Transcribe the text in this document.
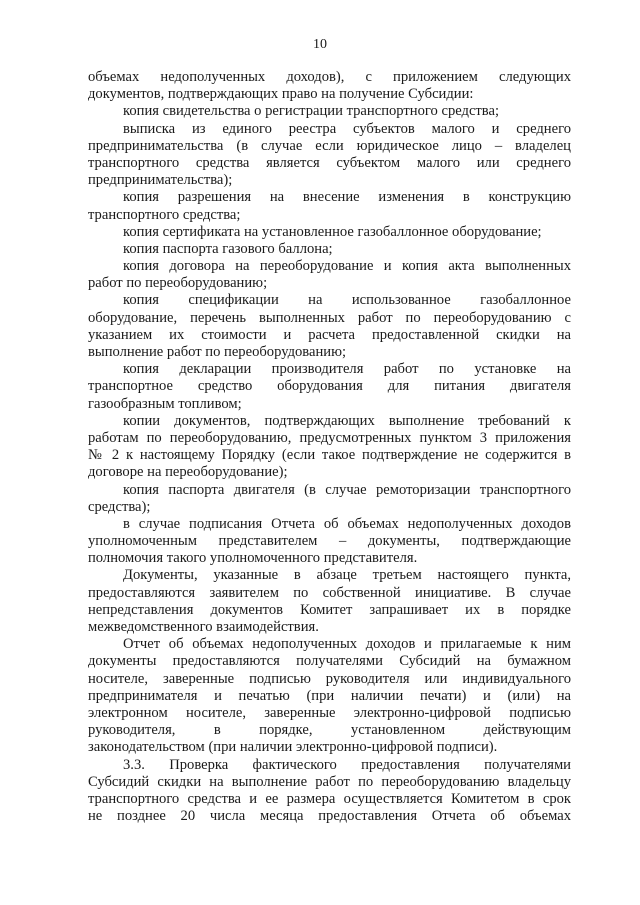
10
объемах недополученных доходов), с приложением следующих
документов, подтверждающих право на получение Субсидии:
копия свидетельства о регистрации транспортного средства;
выписка из единого реестра субъектов малого и среднего
предпринимательства (в случае если юридическое лицо – владелец
транспортного средства является субъектом малого или среднего
предпринимательства);
копия разрешения на внесение изменения в конструкцию
транспортного средства;
копия сертификата на установленное газобаллонное оборудование;
копия паспорта газового баллона;
копия договора на переоборудование и копия акта выполненных
работ по переоборудованию;
копия спецификации на использованное газобаллонное
оборудование, перечень выполненных работ по переоборудованию с
указанием их стоимости и расчета предоставленной скидки на
выполнение работ по переоборудованию;
копия декларации производителя работ по установке на
транспортное средство оборудования для питания двигателя
газообразным топливом;
копии документов, подтверждающих выполнение требований к
работам по переоборудованию, предусмотренных пунктом 3 приложения
№ 2 к настоящему Порядку (если такое подтверждение не содержится в
договоре на переоборудование);
копия паспорта двигателя (в случае ремоторизации транспортного
средства);
в случае подписания Отчета об объемах недополученных доходов
уполномоченным представителем – документы, подтверждающие
полномочия такого уполномоченного представителя.
Документы, указанные в абзаце третьем настоящего пункта,
предоставляются заявителем по собственной инициативе. В случае
непредставления документов Комитет запрашивает их в порядке
межведомственного взаимодействия.
Отчет об объемах недополученных доходов и прилагаемые к ним
документы предоставляются получателями Субсидий на бумажном
носителе, заверенные подписью руководителя или индивидуального
предпринимателя и печатью (при наличии печати) и (или) на
электронном носителе, заверенные электронно-цифровой подписью
руководителя, в порядке, установленном действующим
законодательством (при наличии электронно-цифровой подписи).
3.3. Проверка фактического предоставления получателями
Субсидий скидки на выполнение работ по переоборудованию владельцу
транспортного средства и ее размера осуществляется Комитетом в срок
не позднее 20 числа месяца предоставления Отчета об объемах
